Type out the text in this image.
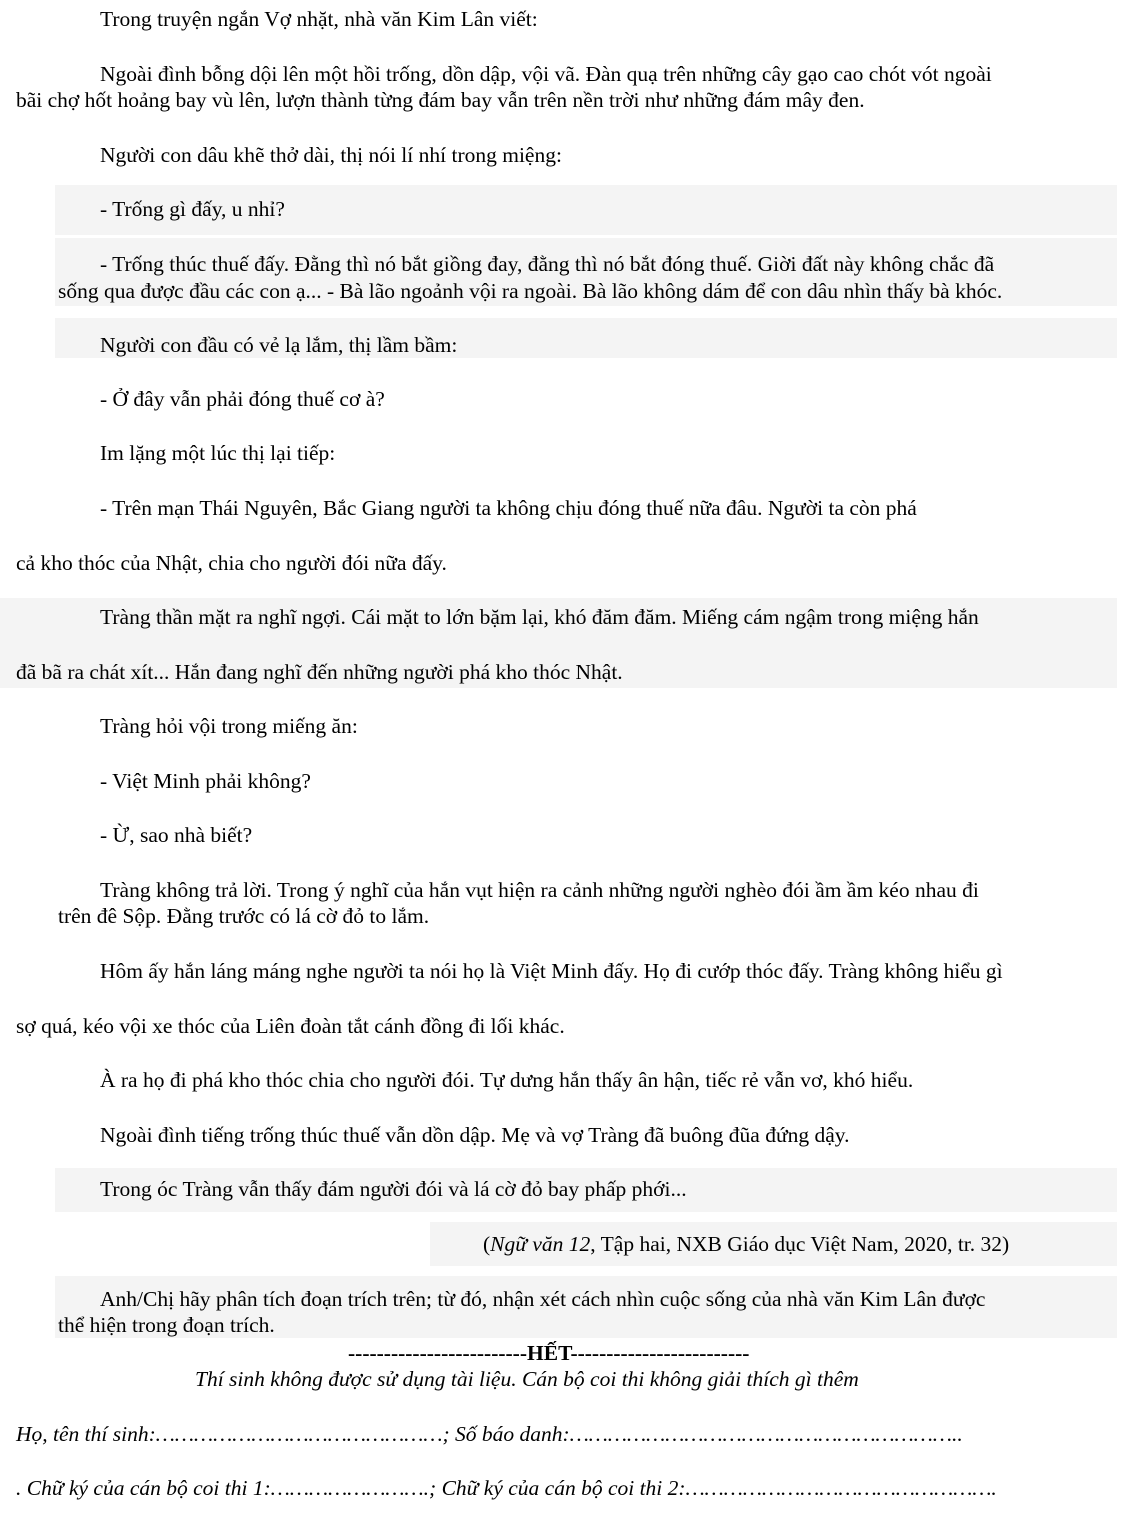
Trong truyện ngắn Vợ nhặt, nhà văn Kim Lân viết:
Ngoài đình bỗng dội lên một hồi trống, dồn dập, vội vã. Đàn quạ trên những cây gạo cao chót vót ngoài
bãi chợ hốt hoảng bay vù lên, lượn thành từng đám bay vẫn trên nền trời như những đám mây đen.
Người con dâu khẽ thở dài, thị nói lí nhí trong miệng:
- Trống gì đấy, u nhỉ?
- Trống thúc thuế đấy. Đằng thì nó bắt giồng đay, đằng thì nó bắt đóng thuế. Giời đất này không chắc đã
sống qua được đầu các con ạ... - Bà lão ngoảnh vội ra ngoài. Bà lão không dám để con dâu nhìn thấy bà khóc.
Người con đầu có vẻ lạ lắm, thị lầm bầm:
- Ở đây vẫn phải đóng thuế cơ à?
Im lặng một lúc thị lại tiếp:
- Trên mạn Thái Nguyên, Bắc Giang người ta không chịu đóng thuế nữa đâu. Người ta còn phá
cả kho thóc của Nhật, chia cho người đói nữa đấy.
Tràng thần mặt ra nghĩ ngợi. Cái mặt to lớn bặm lại, khó đăm đăm. Miếng cám ngậm trong miệng hắn
đã bã ra chát xít... Hắn đang nghĩ đến những người phá kho thóc Nhật.
Tràng hỏi vội trong miếng ăn:
- Việt Minh phải không?
- Ừ, sao nhà biết?
Tràng không trả lời. Trong ý nghĩ của hắn vụt hiện ra cảnh những người nghèo đói ầm ầm kéo nhau đi
trên đê Sộp. Đằng trước có lá cờ đỏ to lắm.
Hôm ấy hắn láng máng nghe người ta nói họ là Việt Minh đấy. Họ đi cướp thóc đấy. Tràng không hiểu gì
sợ quá, kéo vội xe thóc của Liên đoàn tắt cánh đồng đi lối khác.
À ra họ đi phá kho thóc chia cho người đói. Tự dưng hắn thấy ân hận, tiếc rẻ vẫn vơ, khó hiểu.
Ngoài đình tiếng trống thúc thuế vẫn dồn dập. Mẹ và vợ Tràng đã buông đũa đứng dậy.
Trong óc Tràng vẫn thấy đám người đói và lá cờ đỏ bay phấp phới...
(Ngữ văn 12, Tập hai, NXB Giáo dục Việt Nam, 2020, tr. 32)
Anh/Chị hãy phân tích đoạn trích trên; từ đó, nhận xét cách nhìn cuộc sống của nhà văn Kim Lân được
thể hiện trong đoạn trích.
-------------------------HẾT-------------------------
Thí sinh không được sử dụng tài liệu. Cán bộ coi thi không giải thích gì thêm
Họ, tên thí sinh:………………………………………; Số báo danh:……………………………………………………..
. Chữ ký của cán bộ coi thi 1:…………………….; Chữ ký của cán bộ coi thi 2:………………………………………….
